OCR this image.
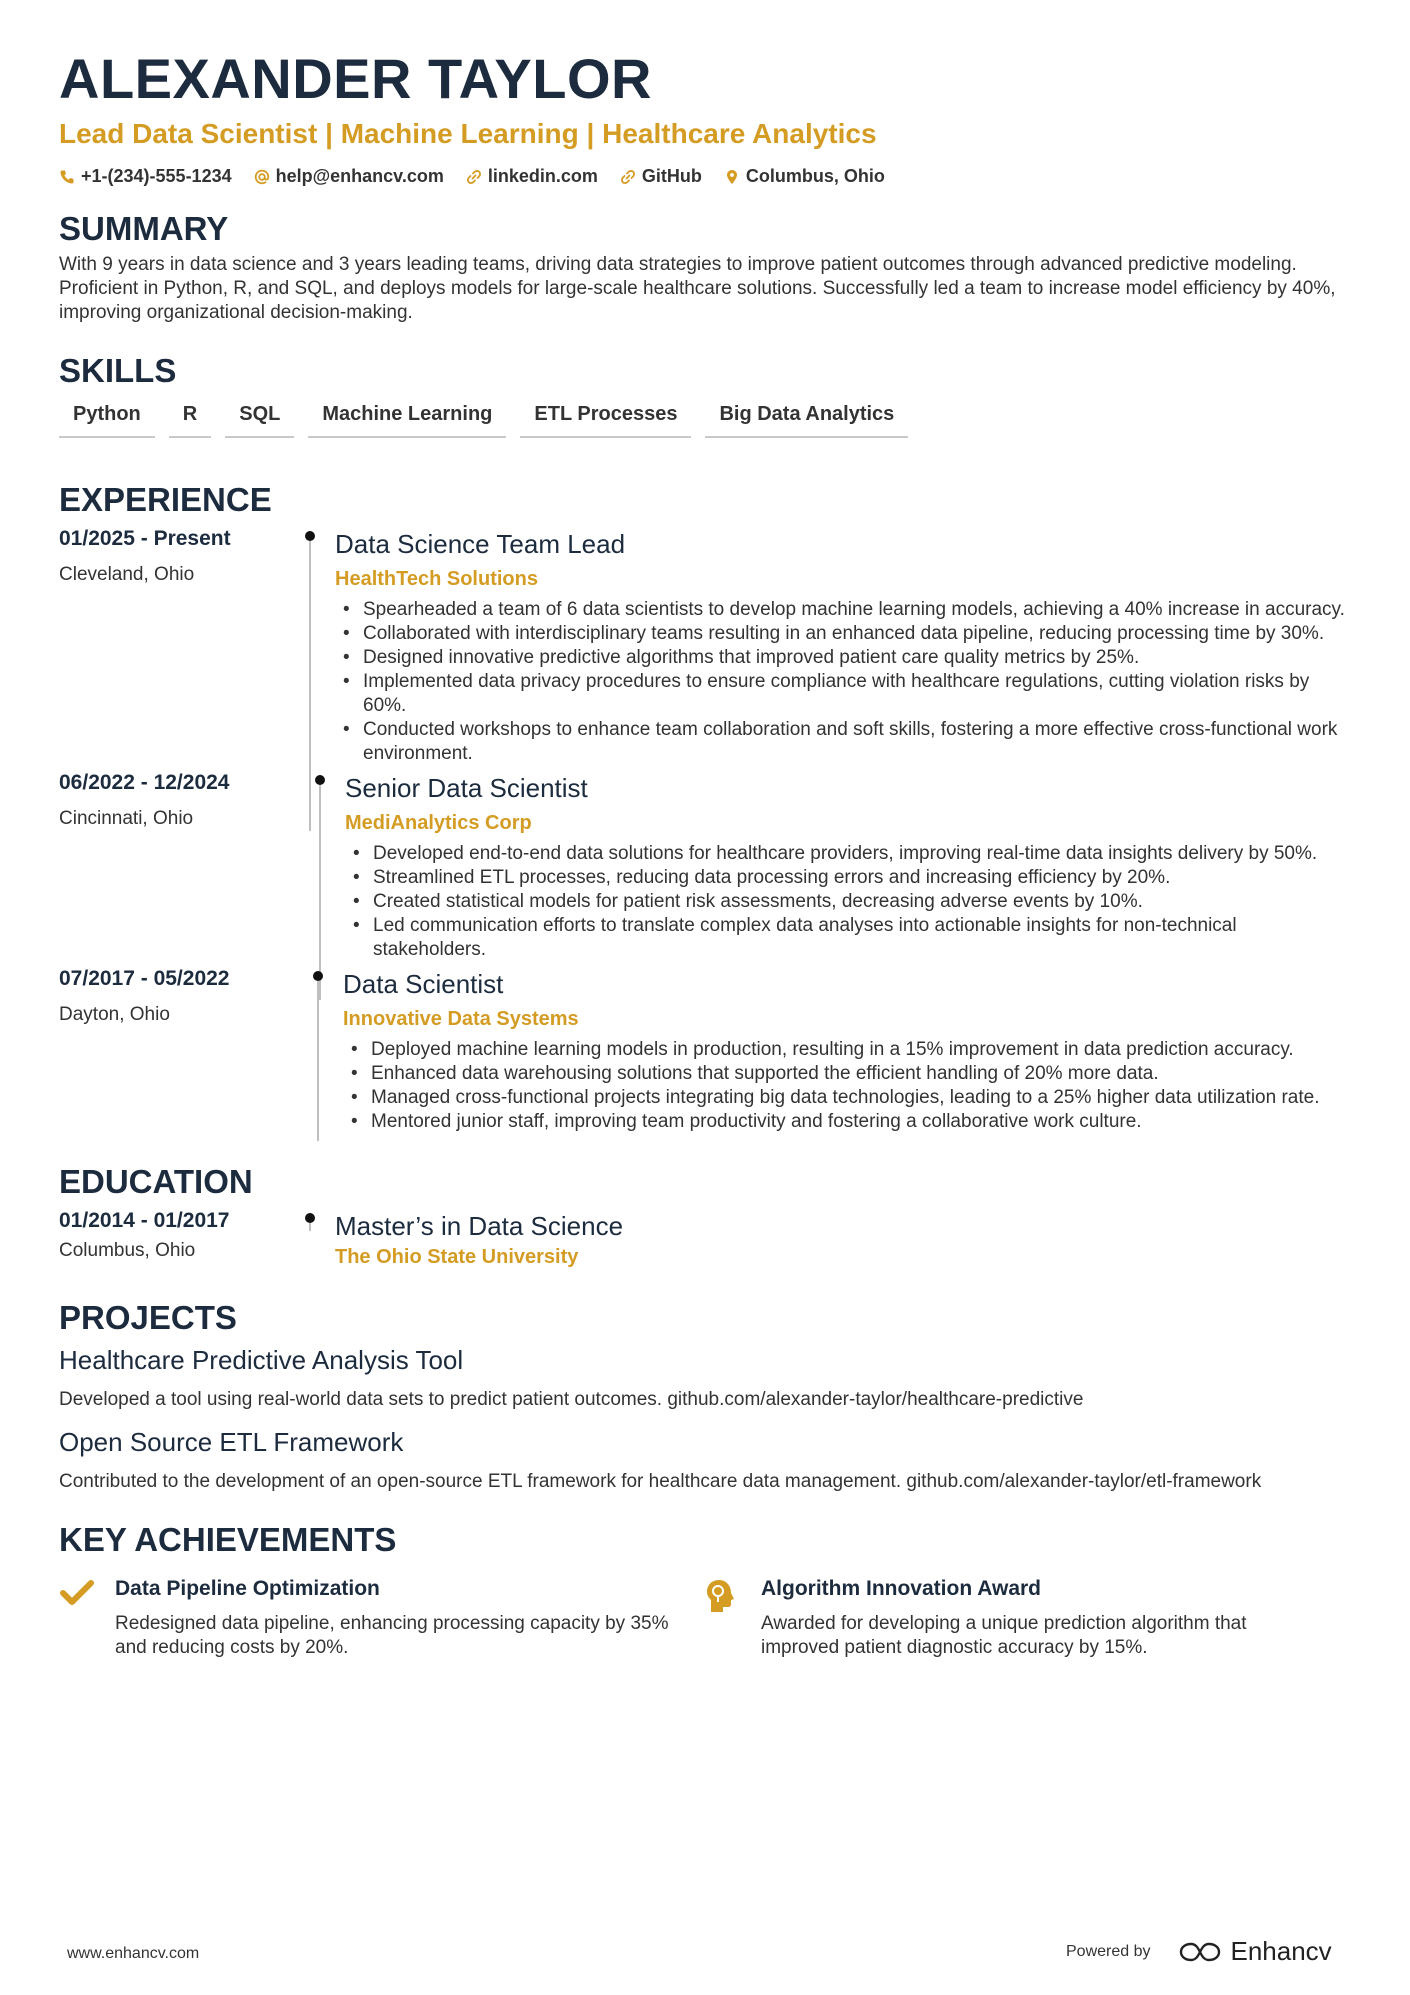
ALEXANDER TAYLOR
Lead Data Scientist | Machine Learning | Healthcare Analytics
+1-(234)-555-1234 help@enhancv.com linkedin.com GitHub Columbus, Ohio
SUMMARY
With 9 years in data science and 3 years leading teams, driving data strategies to improve patient outcomes through advanced predictive modeling. Proficient in Python, R, and SQL, and deploys models for large-scale healthcare solutions. Successfully led a team to increase model efficiency by 40%, improving organizational decision-making.
SKILLS
Python	R	SQL	Machine Learning	ETL Processes	Big Data Analytics
EXPERIENCE
01/2025 - Present
Cleveland, Ohio
Data Science Team Lead
HealthTech Solutions
• Spearheaded a team of 6 data scientists to develop machine learning models, achieving a 40% increase in accuracy.
• Collaborated with interdisciplinary teams resulting in an enhanced data pipeline, reducing processing time by 30%.
• Designed innovative predictive algorithms that improved patient care quality metrics by 25%.
• Implemented data privacy procedures to ensure compliance with healthcare regulations, cutting violation risks by 60%.
• Conducted workshops to enhance team collaboration and soft skills, fostering a more effective cross-functional work environment.
06/2022 - 12/2024
Cincinnati, Ohio
Senior Data Scientist
MediAnalytics Corp
• Developed end-to-end data solutions for healthcare providers, improving real-time data insights delivery by 50%.
• Streamlined ETL processes, reducing data processing errors and increasing efficiency by 20%.
• Created statistical models for patient risk assessments, decreasing adverse events by 10%.
• Led communication efforts to translate complex data analyses into actionable insights for non-technical stakeholders.
07/2017 - 05/2022
Dayton, Ohio
Data Scientist
Innovative Data Systems
• Deployed machine learning models in production, resulting in a 15% improvement in data prediction accuracy.
• Enhanced data warehousing solutions that supported the efficient handling of 20% more data.
• Managed cross-functional projects integrating big data technologies, leading to a 25% higher data utilization rate.
• Mentored junior staff, improving team productivity and fostering a collaborative work culture.
EDUCATION
01/2014 - 01/2017
Columbus, Ohio
Master’s in Data Science
The Ohio State University
PROJECTS
Healthcare Predictive Analysis Tool
Developed a tool using real-world data sets to predict patient outcomes. github.com/alexander-taylor/healthcare-predictive
Open Source ETL Framework
Contributed to the development of an open-source ETL framework for healthcare data management. github.com/alexander-taylor/etl-framework
KEY ACHIEVEMENTS
Data Pipeline Optimization
Redesigned data pipeline, enhancing processing capacity by 35% and reducing costs by 20%.
Algorithm Innovation Award
Awarded for developing a unique prediction algorithm that improved patient diagnostic accuracy by 15%.
www.enhancv.com	Powered by	Enhancv
